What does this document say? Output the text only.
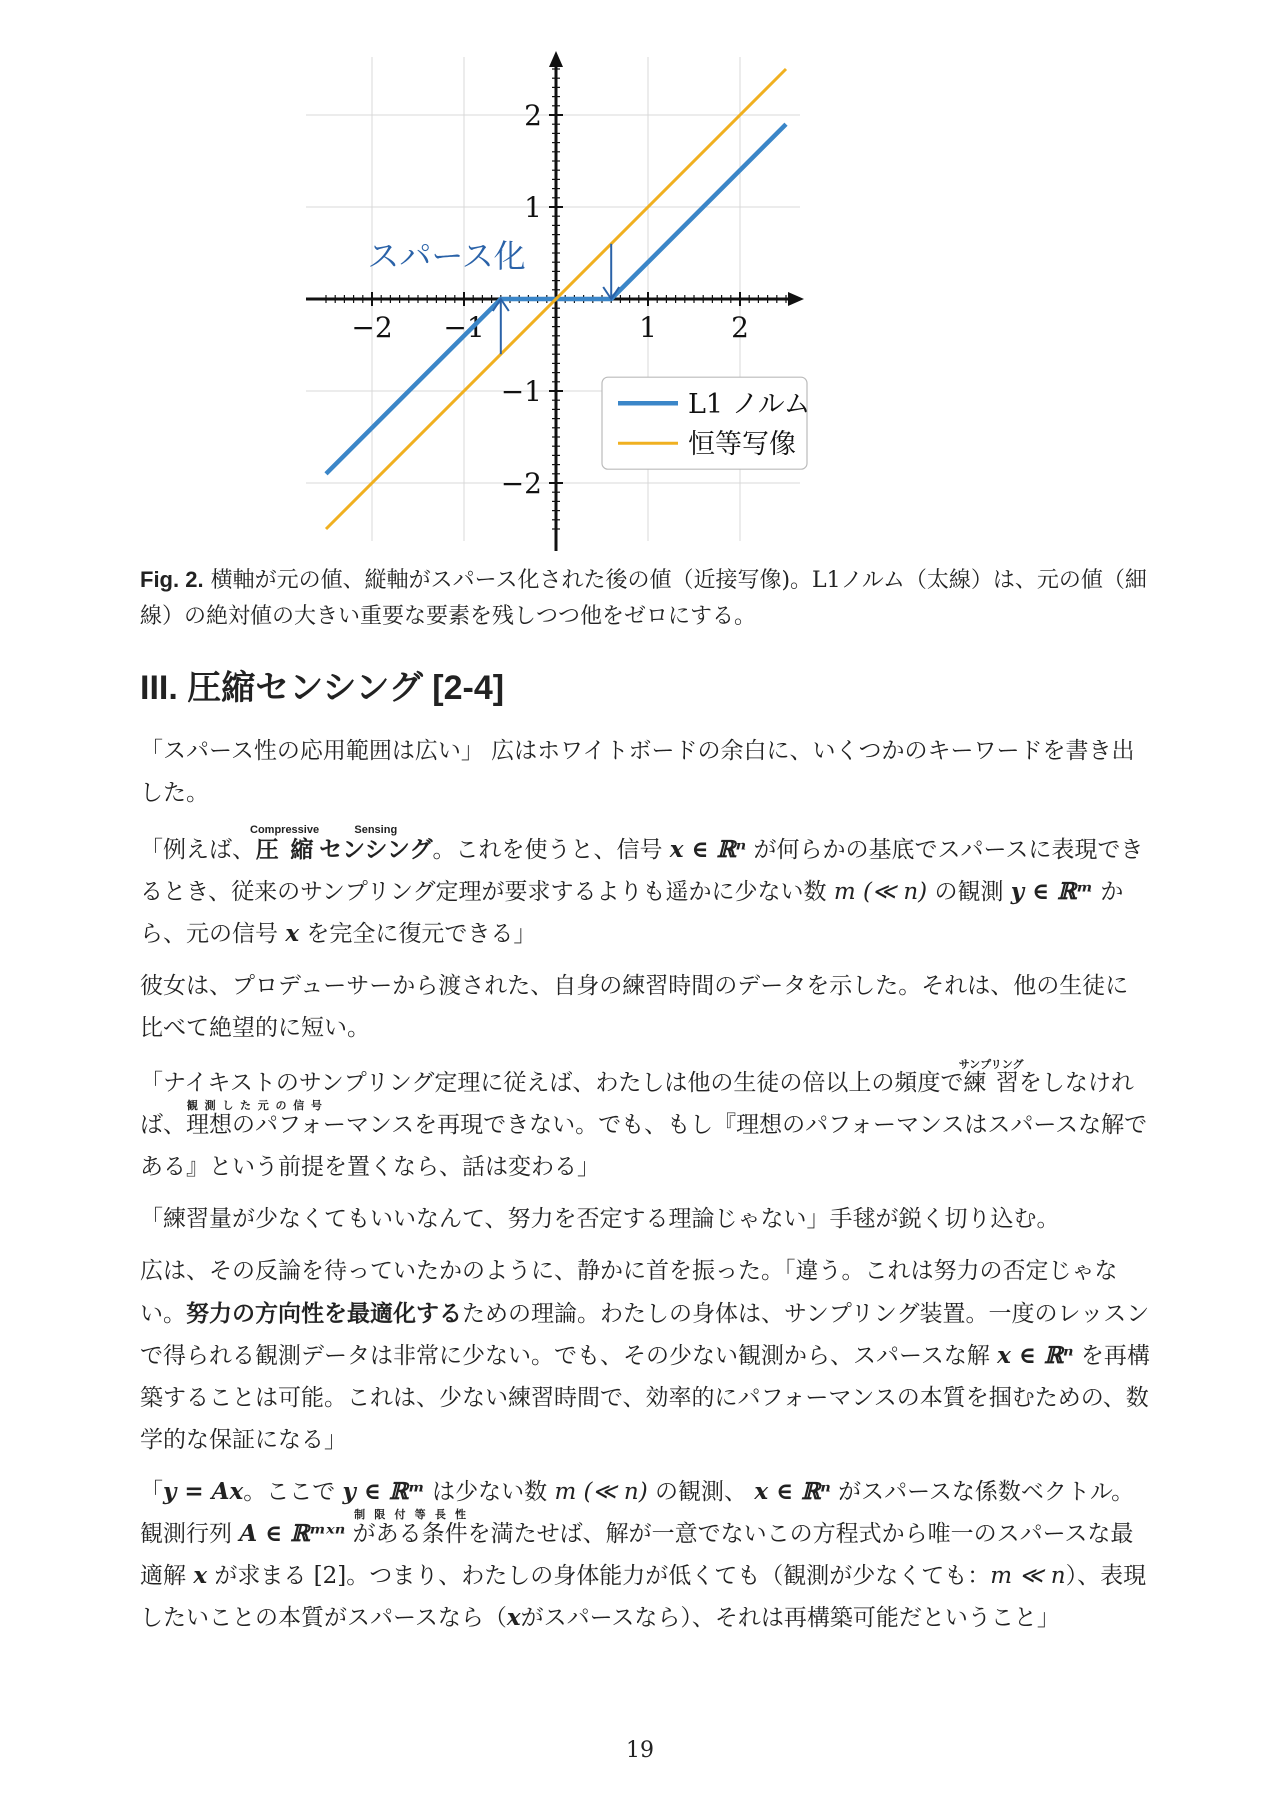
−2 −1	1	2
2
1
−1
−2
スパース化
L1 ノルム
恒等写像
Fig. 2. 横軸が元の値、縦軸がスパース化された後の値（近接写像)。L1ノルム（太線）は、元の値（細線）の絶対値の大きい重要な要素を残しつつ他をゼロにする。
III. 圧縮センシング [2-4]

「スパース性の応用範囲は広い」 広はホワイトボードの余白に、いくつかのキーワードを書き出した。

「例えば、圧縮CompressiveセンシングSensing。これを使うと、信号 𝒙 ∈ ℝⁿ が何らかの基底でスパースに表現できるとき、従来のサンプリング定理が要求するよりも遥かに少ない数 m (≪ n) の観測 𝒚 ∈ ℝᵐ から、元の信号 𝒙 を完全に復元できる」

彼女は、プロデューサーから渡された、自身の練習時間のデータを示した。それは、他の生徒に比べて絶望的に短い。

「ナイキストのサンプリング定理に従えば、わたしは他の生徒の倍以上の頻度で練習サンプリングをしなければ、理想のパフォ観 測 し た 元 の 信 号ーマンスを再現できない。でも、もし『理想のパフォーマンスはスパースな解である』という前提を置くなら、話は変わる」

「練習量が少なくてもいいなんて、努力を否定する理論じゃない」手毬が鋭く切り込む。

広は、その反論を待っていたかのように、静かに首を振った。「違う。これは努力の否定じゃない。努力の方向性を最適化するための理論。わたしの身体は、サンプリング装置。一度のレッスンで得られる観測データは非常に少ない。でも、その少ない観測から、スパースな解 𝒙 ∈ ℝⁿ を再構築することは可能。これは、少ない練習時間で、効率的にパフォーマンスの本質を掴むための、数学的な保証になる」

「𝒚 = 𝑨𝒙。ここで 𝒚 ∈ ℝᵐ は少ない数 m (≪ n) の観測、 𝒙 ∈ ℝⁿ がスパースな係数ベクトル。観測行列 𝑨 ∈ ℝᵐˣⁿ がある条件制 限 付 等 長 性を満たせば、解が一意でないこの方程式から唯一のスパースな最適解 𝒙 が求まる [2]。つまり、わたしの身体能力が低くても（観測が少なくても：m ≪ n）、表現したいことの本質がスパースなら（𝒙がスパースなら）、それは再構築可能だということ」

19
